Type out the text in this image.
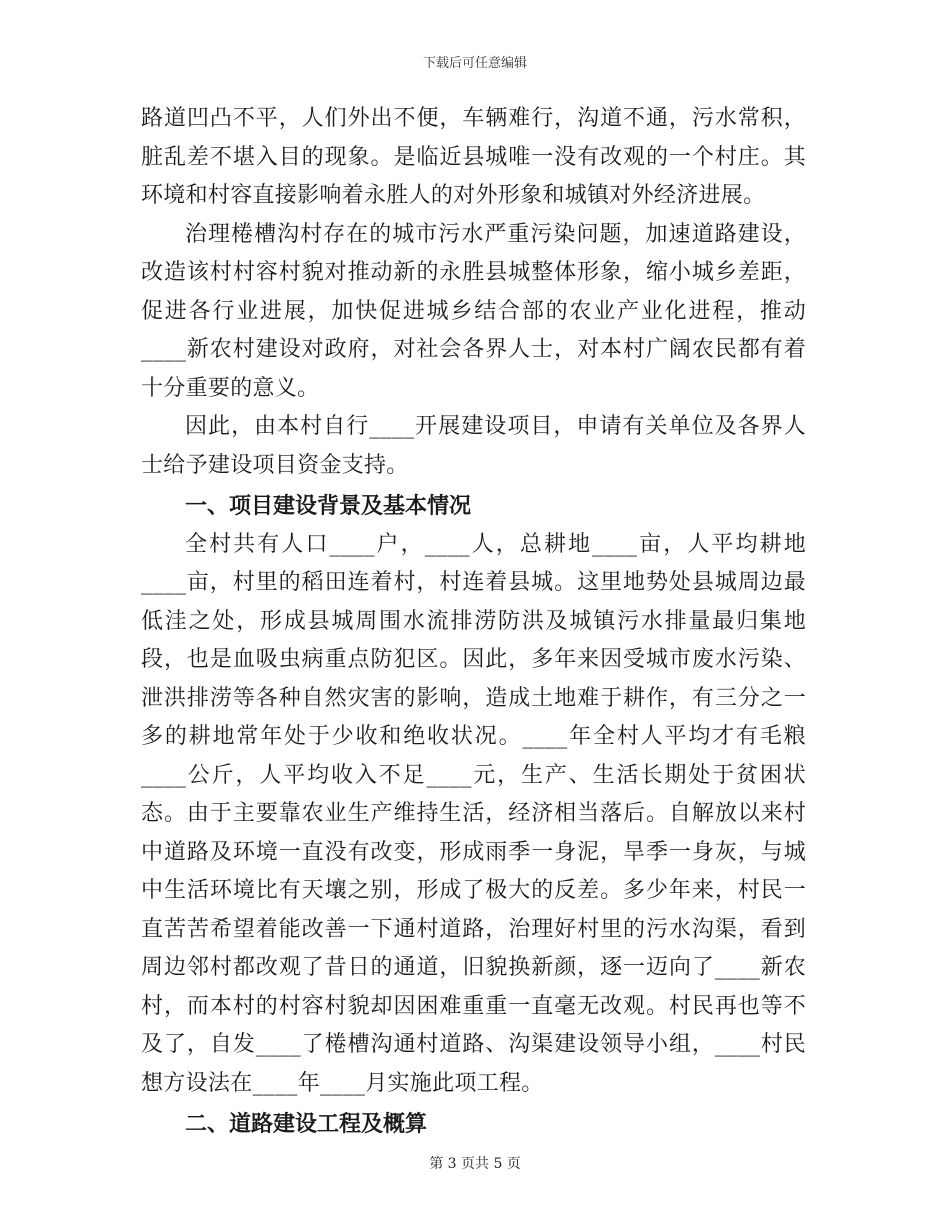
下载后可任意编辑

路道凹凸不平，人们外出不便，车辆难行，沟道不通，污水常积，脏乱差不堪入目的现象。是临近县城唯一没有改观的一个村庄。其环境和村容直接影响着永胜人的对外形象和城镇对外经济进展。

治理棬槽沟村存在的城市污水严重污染问题，加速道路建设，改造该村村容村貌对推动新的永胜县城整体形象，缩小城乡差距，促进各行业进展，加快促进城乡结合部的农业产业化进程，推动____新农村建设对政府，对社会各界人士，对本村广阔农民都有着十分重要的意义。

因此，由本村自行____开展建设项目，申请有关单位及各界人士给予建设项目资金支持。

一、项目建设背景及基本情况

全村共有人口____户，____人，总耕地____亩，人平均耕地____亩，村里的稻田连着村，村连着县城。这里地势处县城周边最低洼之处，形成县城周围水流排涝防洪及城镇污水排量最归集地段，也是血吸虫病重点防犯区。因此，多年来因受城市废水污染、泄洪排涝等各种自然灾害的影响，造成土地难于耕作，有三分之一多的耕地常年处于少收和绝收状况。____年全村人平均才有毛粮____公斤，人平均收入不足____元，生产、生活长期处于贫困状态。由于主要靠农业生产维持生活，经济相当落后。自解放以来村中道路及环境一直没有改变，形成雨季一身泥，旱季一身灰，与城中生活环境比有天壤之别，形成了极大的反差。多少年来，村民一直苦苦希望着能改善一下通村道路，治理好村里的污水沟渠，看到周边邻村都改观了昔日的通道，旧貌换新颜，逐一迈向了____新农村，而本村的村容村貌却因困难重重一直毫无改观。村民再也等不及了，自发____了棬槽沟通村道路、沟渠建设领导小组，____村民想方设法在____年____月实施此项工程。

二、道路建设工程及概算

第 3 页共 5 页
